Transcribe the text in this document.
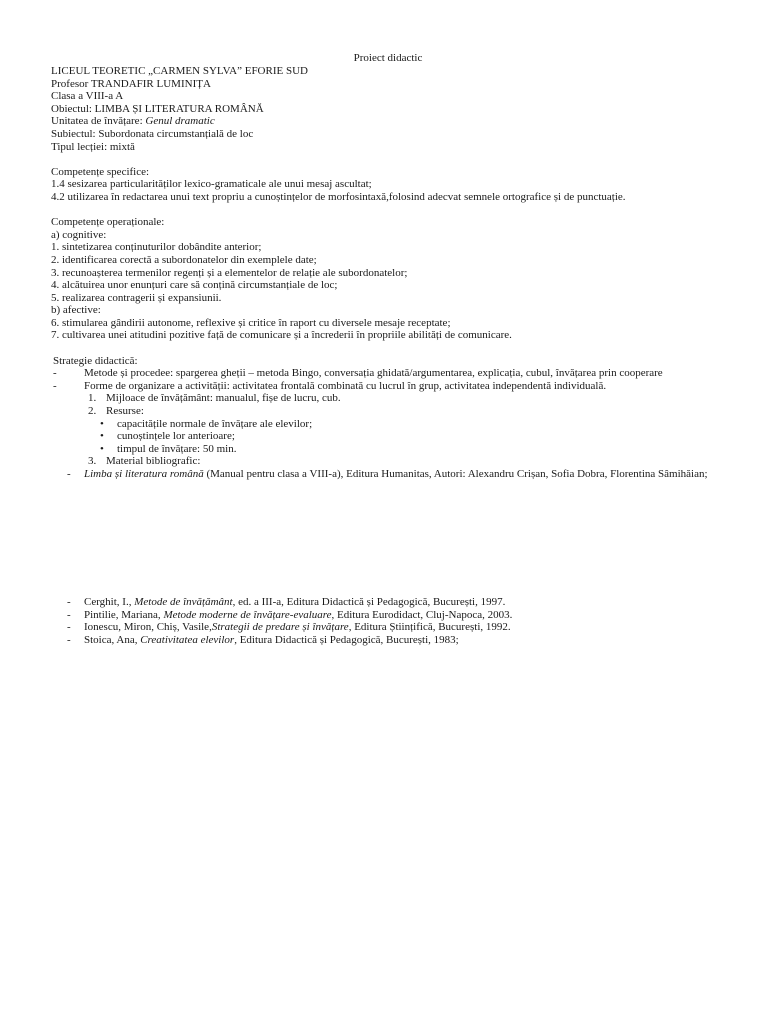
Proiect didactic
LICEUL TEORETIC „CARMEN SYLVA” EFORIE SUD
Profesor TRANDAFIR LUMINIȚA
Clasa a VIII-a A
Obiectul: LIMBA ȘI LITERATURA ROMÂNĂ
Unitatea de învățare: Genul dramatic
Subiectul: Subordonata circumstanțială de loc
Tipul lecției: mixtă
Competențe specifice:
1.4 sesizarea particularităților lexico-gramaticale ale unui mesaj ascultat;
4.2 utilizarea în redactarea unui text propriu a cunoștințelor de morfosintaxă,folosind adecvat semnele ortografice și de punctuație.
Competențe operaționale:
a) cognitive:
1. sintetizarea conținuturilor dobândite anterior;
2. identificarea corectă a subordonatelor din exemplele date;
3. recunoașterea termenilor regenți și a elementelor de relație ale subordonatelor;
4. alcătuirea unor enunțuri care să conțină circumstanțiale de loc;
5. realizarea contragerii și expansiunii.
b) afective:
6. stimularea gândirii autonome, reflexive și critice în raport cu diversele mesaje receptate;
7. cultivarea unei atitudini pozitive față de comunicare și a încrederii în propriile abilități de comunicare.
Strategie didactică:
- Metode și procedee: spargerea gheții – metoda Bingo, conversația ghidată/argumentarea, explicația, cubul, învățarea prin cooperare
- Forme de organizare a activității: activitatea frontală combinată cu lucrul în grup, activitatea independentă individuală.
1. Mijloace de învățământ: manualul, fișe de lucru, cub.
2. Resurse:
• capacitățile normale de învățare ale elevilor;
• cunoștințele lor anterioare;
• timpul de învățare: 50 min.
3. Material bibliografic:
- Limba și literatura română (Manual pentru clasa a VIII-a), Editura Humanitas, Autori: Alexandru Crișan, Sofia Dobra, Florentina Sâmihăian;
- Cerghit, I., Metode de învățământ, ed. a III-a, Editura Didactică și Pedagogică, București, 1997.
- Pintilie, Mariana, Metode moderne de învățare-evaluare, Editura Eurodidact, Cluj-Napoca, 2003.
- Ionescu, Miron, Chiș, Vasile,Strategii de predare și învățare, Editura Științifică, București, 1992.
- Stoica, Ana, Creativitatea elevilor, Editura Didactică și Pedagogică, București, 1983;
